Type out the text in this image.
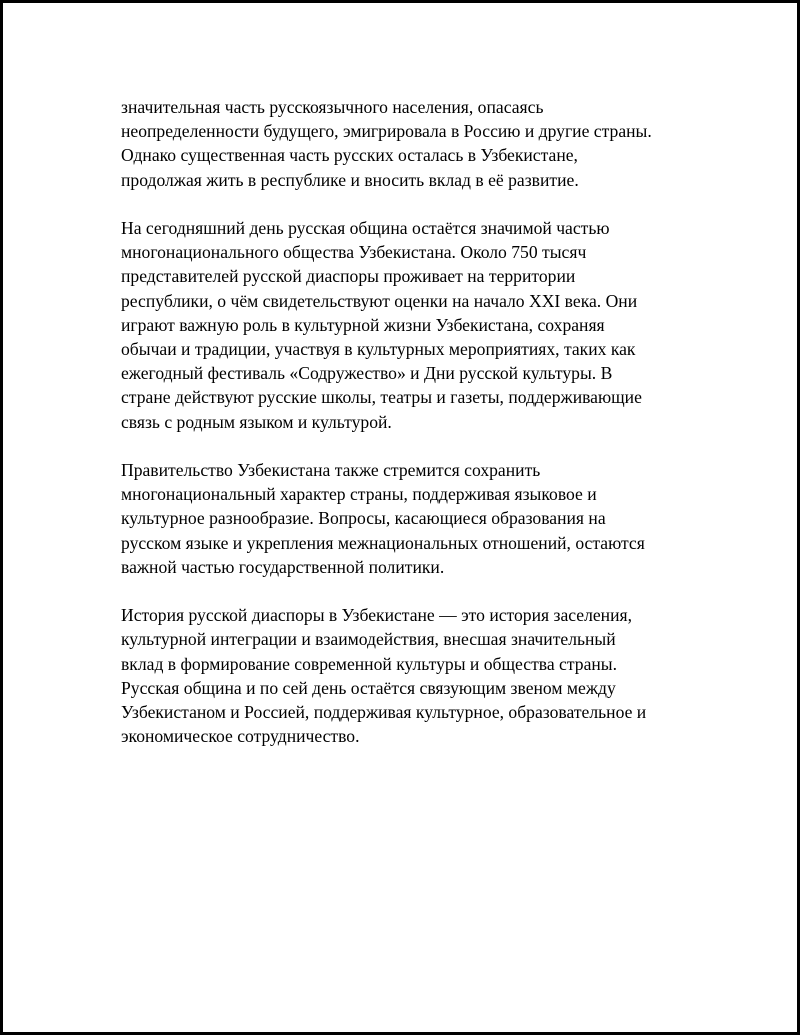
значительная часть русскоязычного населения, опасаясь
неопределенности будущего, эмигрировала в Россию и другие страны.
Однако существенная часть русских осталась в Узбекистане,
продолжая жить в республике и вносить вклад в её развитие.

На сегодняшний день русская община остаётся значимой частью
многонационального общества Узбекистана. Около 750 тысяч
представителей русской диаспоры проживает на территории
республики, о чём свидетельствуют оценки на начало XXI века. Они
играют важную роль в культурной жизни Узбекистана, сохраняя
обычаи и традиции, участвуя в культурных мероприятиях, таких как
ежегодный фестиваль «Содружество» и Дни русской культуры. В
стране действуют русские школы, театры и газеты, поддерживающие
связь с родным языком и культурой.

Правительство Узбекистана также стремится сохранить
многонациональный характер страны, поддерживая языковое и
культурное разнообразие. Вопросы, касающиеся образования на
русском языке и укрепления межнациональных отношений, остаются
важной частью государственной политики.

История русской диаспоры в Узбекистане — это история заселения,
культурной интеграции и взаимодействия, внесшая значительный
вклад в формирование современной культуры и общества страны.
Русская община и по сей день остаётся связующим звеном между
Узбекистаном и Россией, поддерживая культурное, образовательное и
экономическое сотрудничество.
